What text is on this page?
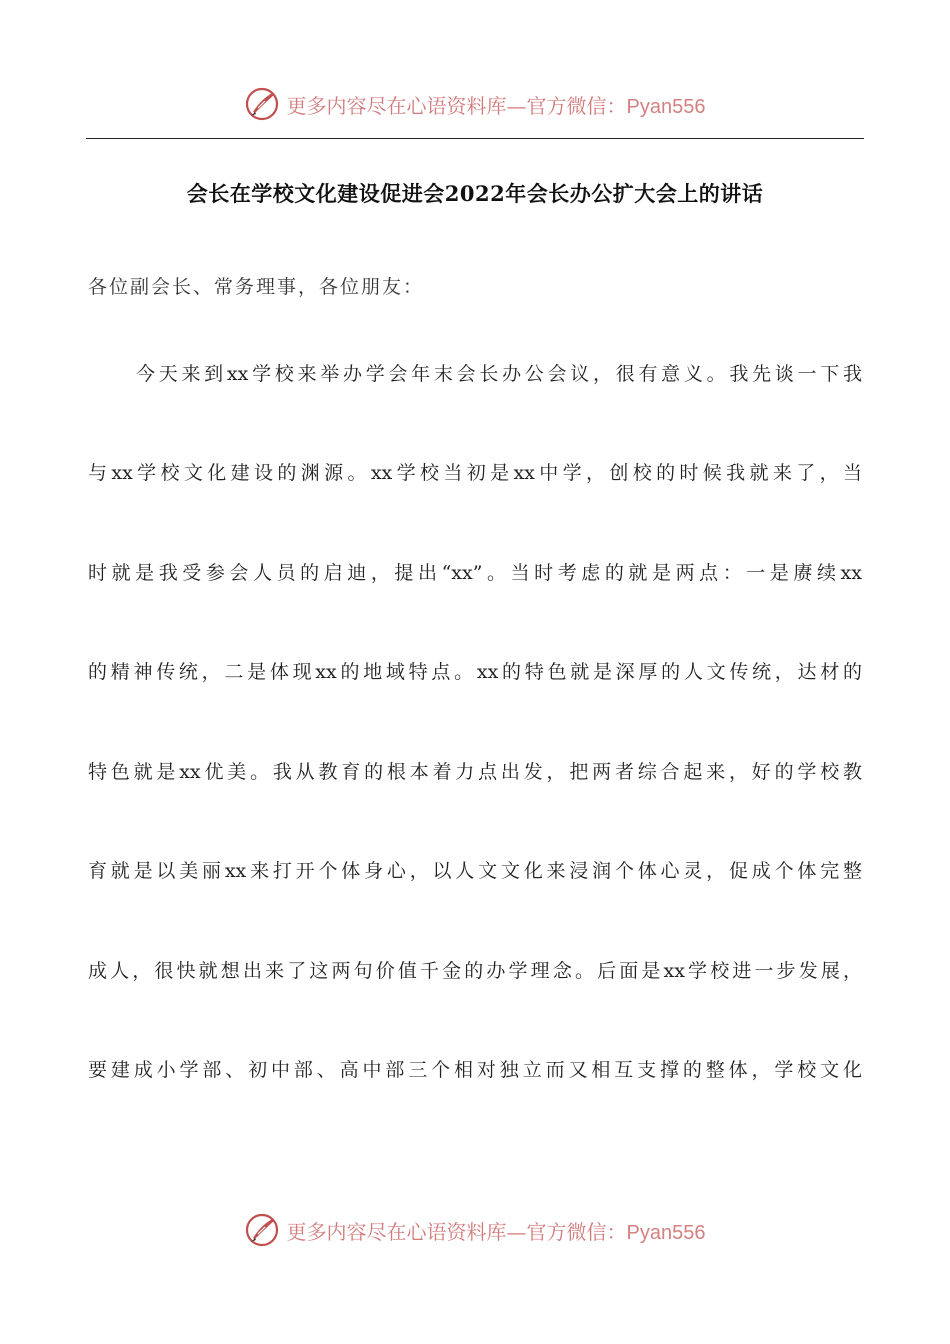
更多内容尽在心语资料库—官方微信：Pyan556
会长在学校文化建设促进会2022年会长办公扩大会上的讲话
各位副会长、常务理事，各位朋友：
今天来到xx学校来举办学会年末会长办公会议，很有意义。我先谈一下我
与xx学校文化建设的渊源。xx学校当初是xx中学，创校的时候我就来了，当
时就是我受参会人员的启迪，提出“xx”。当时考虑的就是两点：一是赓续xx
的精神传统，二是体现xx的地域特点。xx的特色就是深厚的人文传统，达材的
特色就是xx优美。我从教育的根本着力点出发，把两者综合起来，好的学校教
育就是以美丽xx来打开个体身心，以人文文化来浸润个体心灵，促成个体完整
成人，很快就想出来了这两句价值千金的办学理念。后面是xx学校进一步发展，
要建成小学部、初中部、高中部三个相对独立而又相互支撑的整体，学校文化
更多内容尽在心语资料库—官方微信：Pyan556
